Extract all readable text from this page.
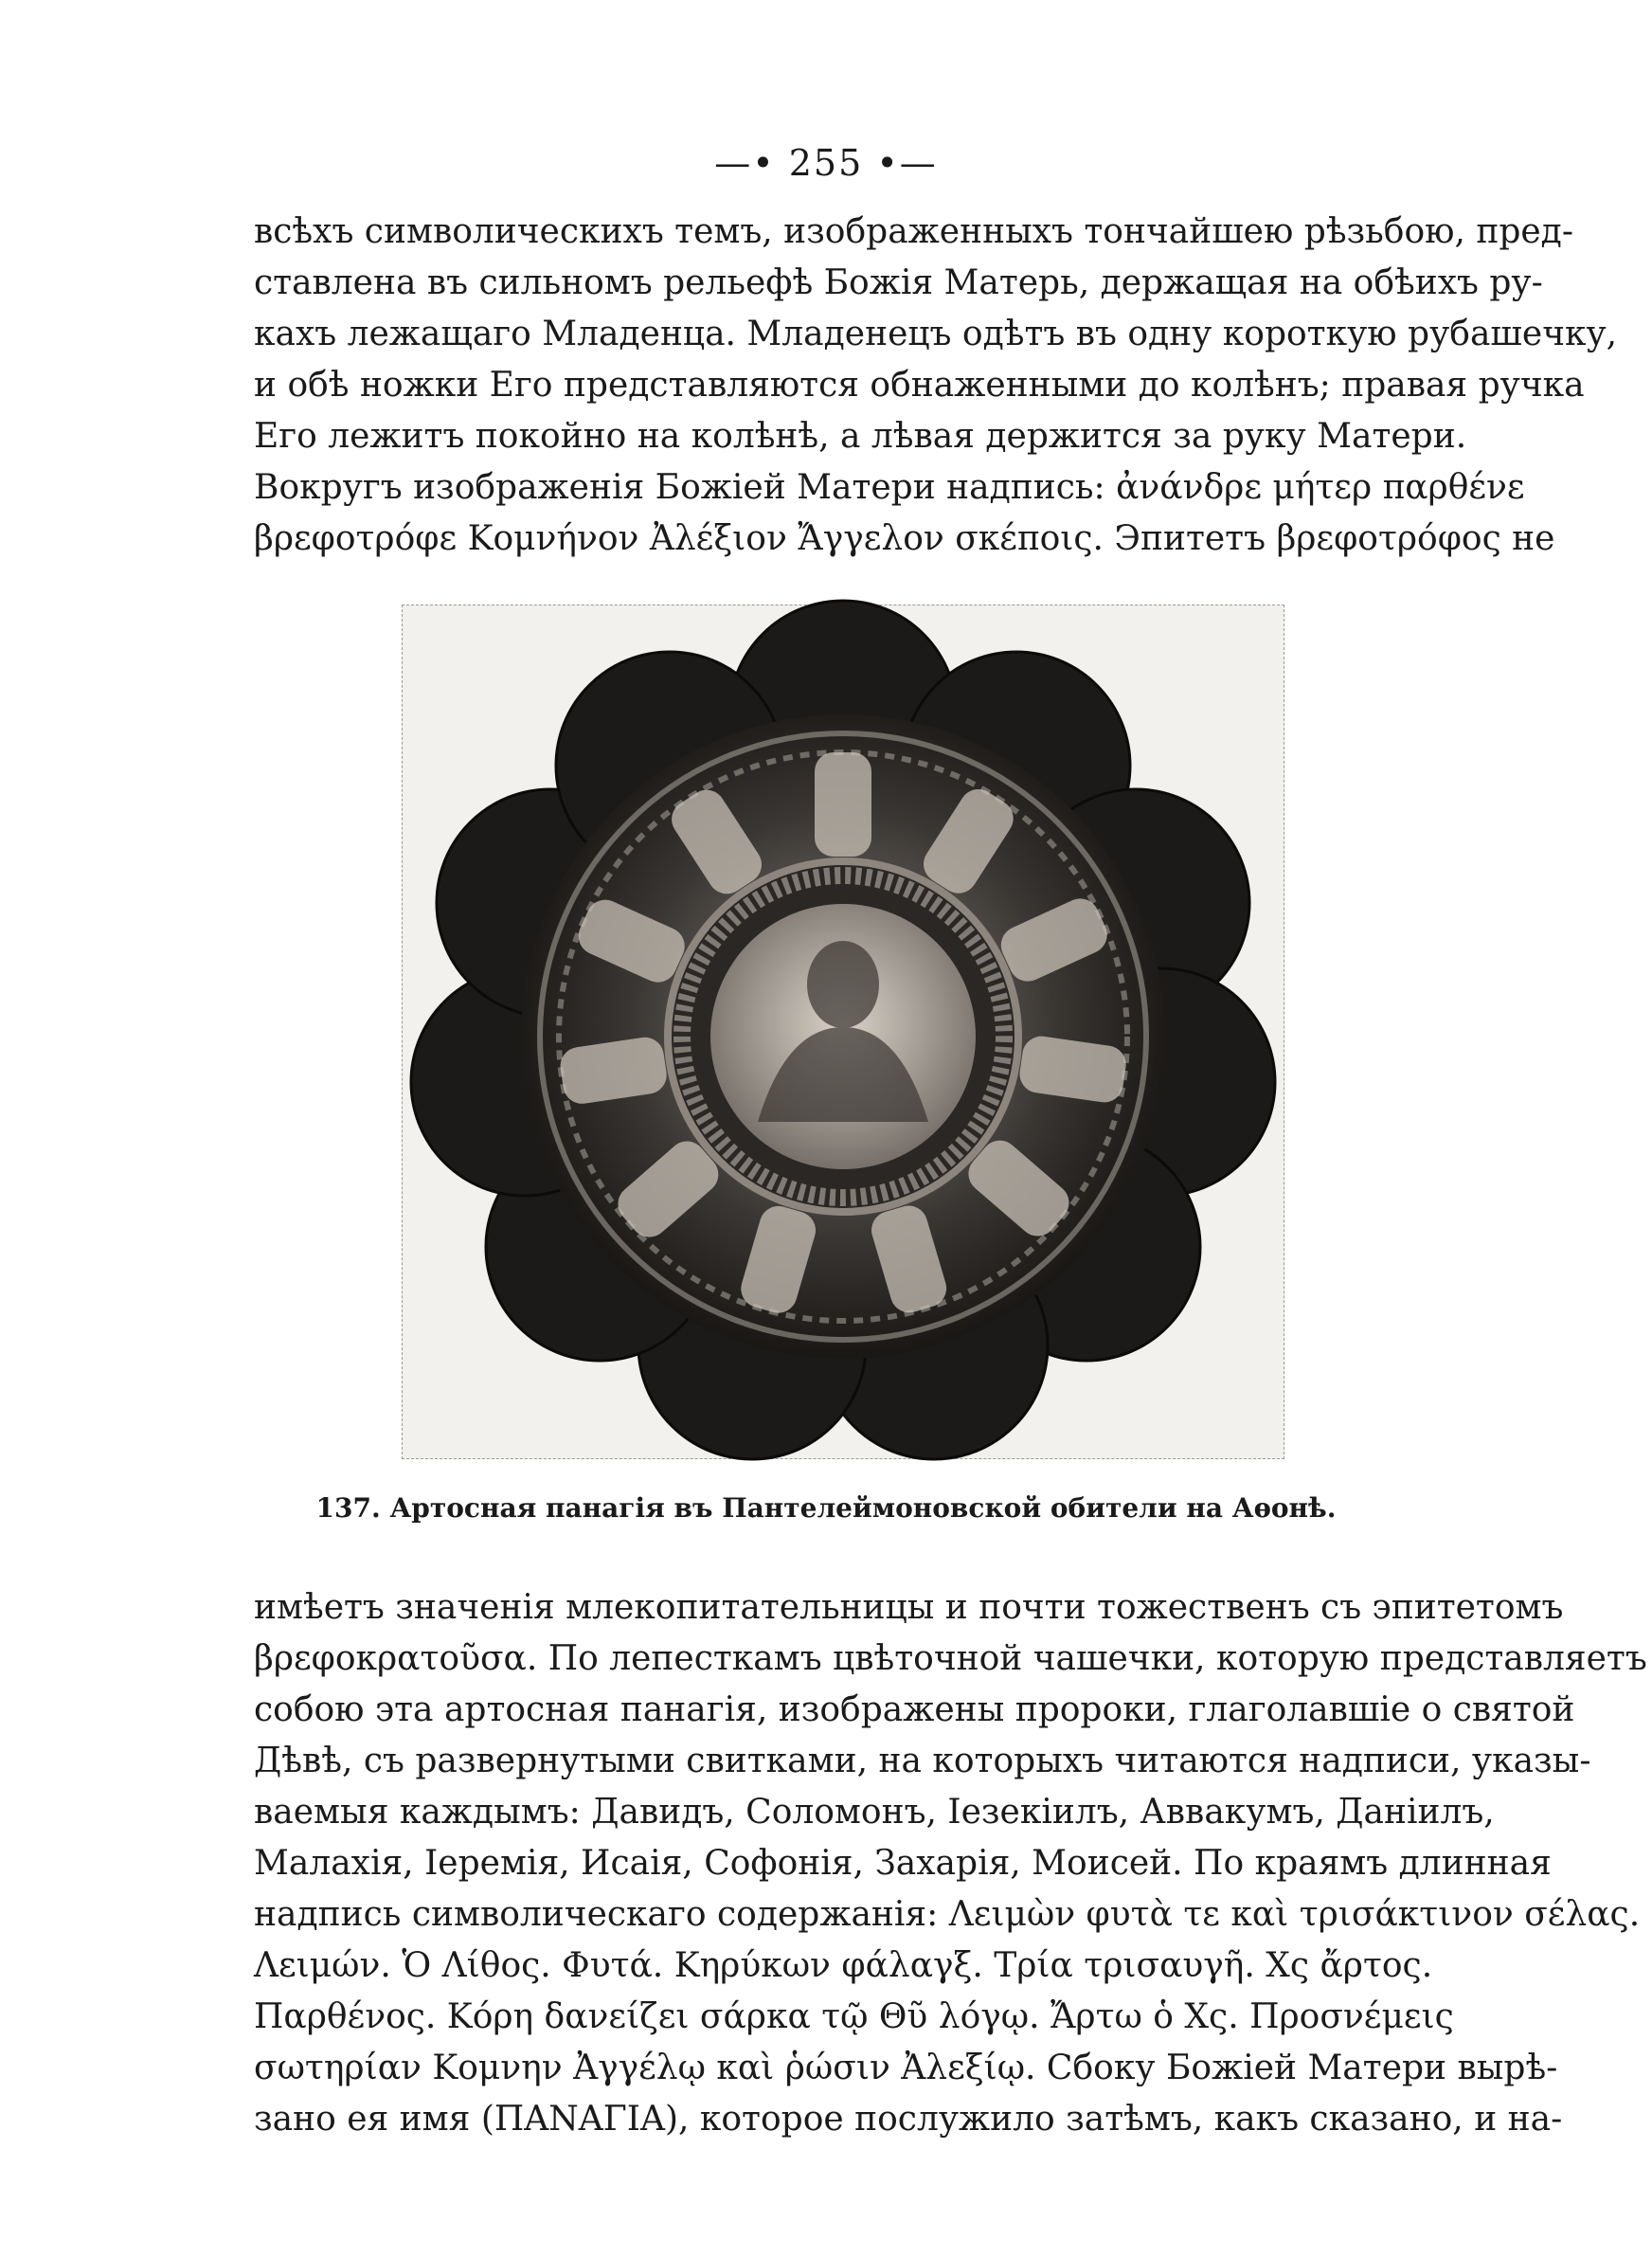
—• 255 •—
всѣхъ символическихъ темъ, изображенныхъ тончайшею рѣзьбою, пред-
ставлена въ сильномъ рельефѣ Божія Матерь, держащая на обѣихъ ру-
кахъ лежащаго Младенца. Младенецъ одѣтъ въ одну короткую рубашечку,
и обѣ ножки Его представляются обнаженными до колѣнъ; правая ручка
Его лежитъ покойно на колѣнѣ, а лѣвая держится за руку Матери.
Вокругъ изображенія Божіей Матери надпись: ἀνάνδρε μήτερ παρθένε
βρεφοτρόφε Κομνήνον Ἀλέξιον Ἄγγελον σκέποις. Эпитетъ βρεφοτρόφος не
137. Артосная панагія въ Пантелеймоновской обители на Аѳонѣ.
имѣетъ значенія млекопитательницы и почти тожественъ съ эпитетомъ
βρεφοκρατοῦσα. По лепесткамъ цвѣточной чашечки, которую представляетъ
собою эта артосная панагія, изображены пророки, глаголавшіе о святой
Дѣвѣ, съ развернутыми свитками, на которыхъ читаются надписи, указы-
ваемыя каждымъ: Давидъ, Соломонъ, Іезекіилъ, Аввакумъ, Даніилъ,
Малахія, Іеремія, Исаія, Софонія, Захарія, Моисей. По краямъ длинная
надпись символическаго содержанія: Λειμὼν φυτὰ τε καὶ τρισάκτινον σέλας.
Λειμών. Ὁ Λίθος. Φυτά. Κηρύκων φάλαγξ. Τρία τρισαυγῆ. Χς ἄρτος.
Παρθένος. Κόρη δανείζει σάρκα τῷ Θῦ λόγῳ. Ἄρτω ὁ Χς. Προσνέμεις
σωτηρίαν Κομνην Ἀγγέλῳ καὶ ῥώσιν Ἀλεξίῳ. Сбоку Божіей Матери вырѣ-
зано ея имя (ΠΑΝΑΓΙΑ), которое послужило затѣмъ, какъ сказано, и на-
